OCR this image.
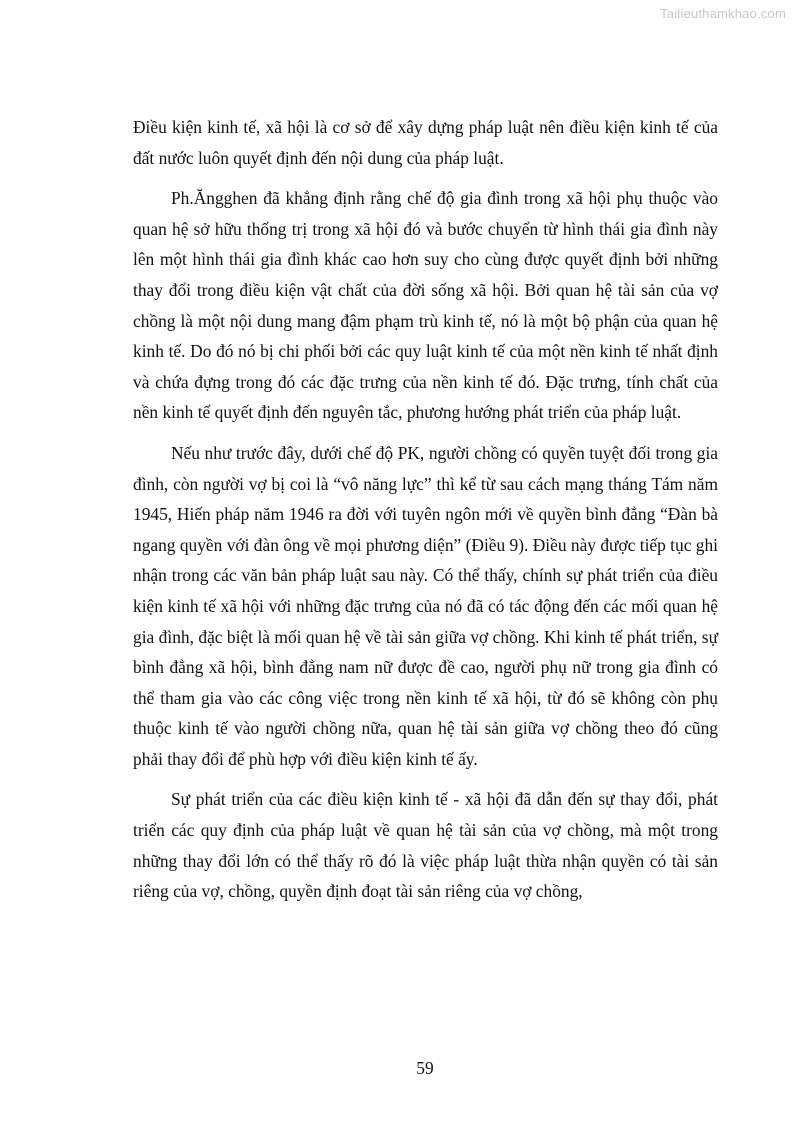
Tailieuthamkhao.com

Điều kiện kinh tế, xã hội là cơ sở để xây dựng pháp luật nên điều kiện kinh tế của đất nước luôn quyết định đến nội dung của pháp luật.

Ph.Ăngghen đã khẳng định rằng chế độ gia đình trong xã hội phụ thuộc vào quan hệ sở hữu thống trị trong xã hội đó và bước chuyển từ hình thái gia đình này lên một hình thái gia đình khác cao hơn suy cho cùng được quyết định bởi những thay đổi trong điều kiện vật chất của đời sống xã hội. Bởi quan hệ tài sản của vợ chồng là một nội dung mang đậm phạm trù kinh tế, nó là một bộ phận của quan hệ kinh tế. Do đó nó bị chi phối bởi các quy luật kinh tế của một nền kinh tế nhất định và chứa đựng trong đó các đặc trưng của nền kinh tế đó. Đặc trưng, tính chất của nền kinh tế quyết định đến nguyên tắc, phương hướng phát triển của pháp luật.

Nếu như trước đây, dưới chế độ PK, người chồng có quyền tuyệt đối trong gia đình, còn người vợ bị coi là “vô năng lực” thì kể từ sau cách mạng tháng Tám năm 1945, Hiến pháp năm 1946 ra đời với tuyên ngôn mới về quyền bình đẳng “Đàn bà ngang quyền với đàn ông về mọi phương diện” (Điều 9). Điều này được tiếp tục ghi nhận trong các văn bản pháp luật sau này. Có thể thấy, chính sự phát triển của điều kiện kinh tế xã hội với những đặc trưng của nó đã có tác động đến các mối quan hệ gia đình, đặc biệt là mối quan hệ về tài sản giữa vợ chồng. Khi kinh tế phát triển, sự bình đẳng xã hội, bình đẳng nam nữ được đề cao, người phụ nữ trong gia đình có thể tham gia vào các công việc trong nền kinh tế xã hội, từ đó sẽ không còn phụ thuộc kinh tế vào người chồng nữa, quan hệ tài sản giữa vợ chồng theo đó cũng phải thay đổi để phù hợp với điều kiện kinh tế ấy.

Sự phát triển của các điều kiện kinh tế - xã hội đã dẫn đến sự thay đổi, phát triển các quy định của pháp luật về quan hệ tài sản của vợ chồng, mà một trong những thay đổi lớn có thể thấy rõ đó là việc pháp luật thừa nhận quyền có tài sản riêng của vợ, chồng, quyền định đoạt tài sản riêng của vợ chồng,

59
